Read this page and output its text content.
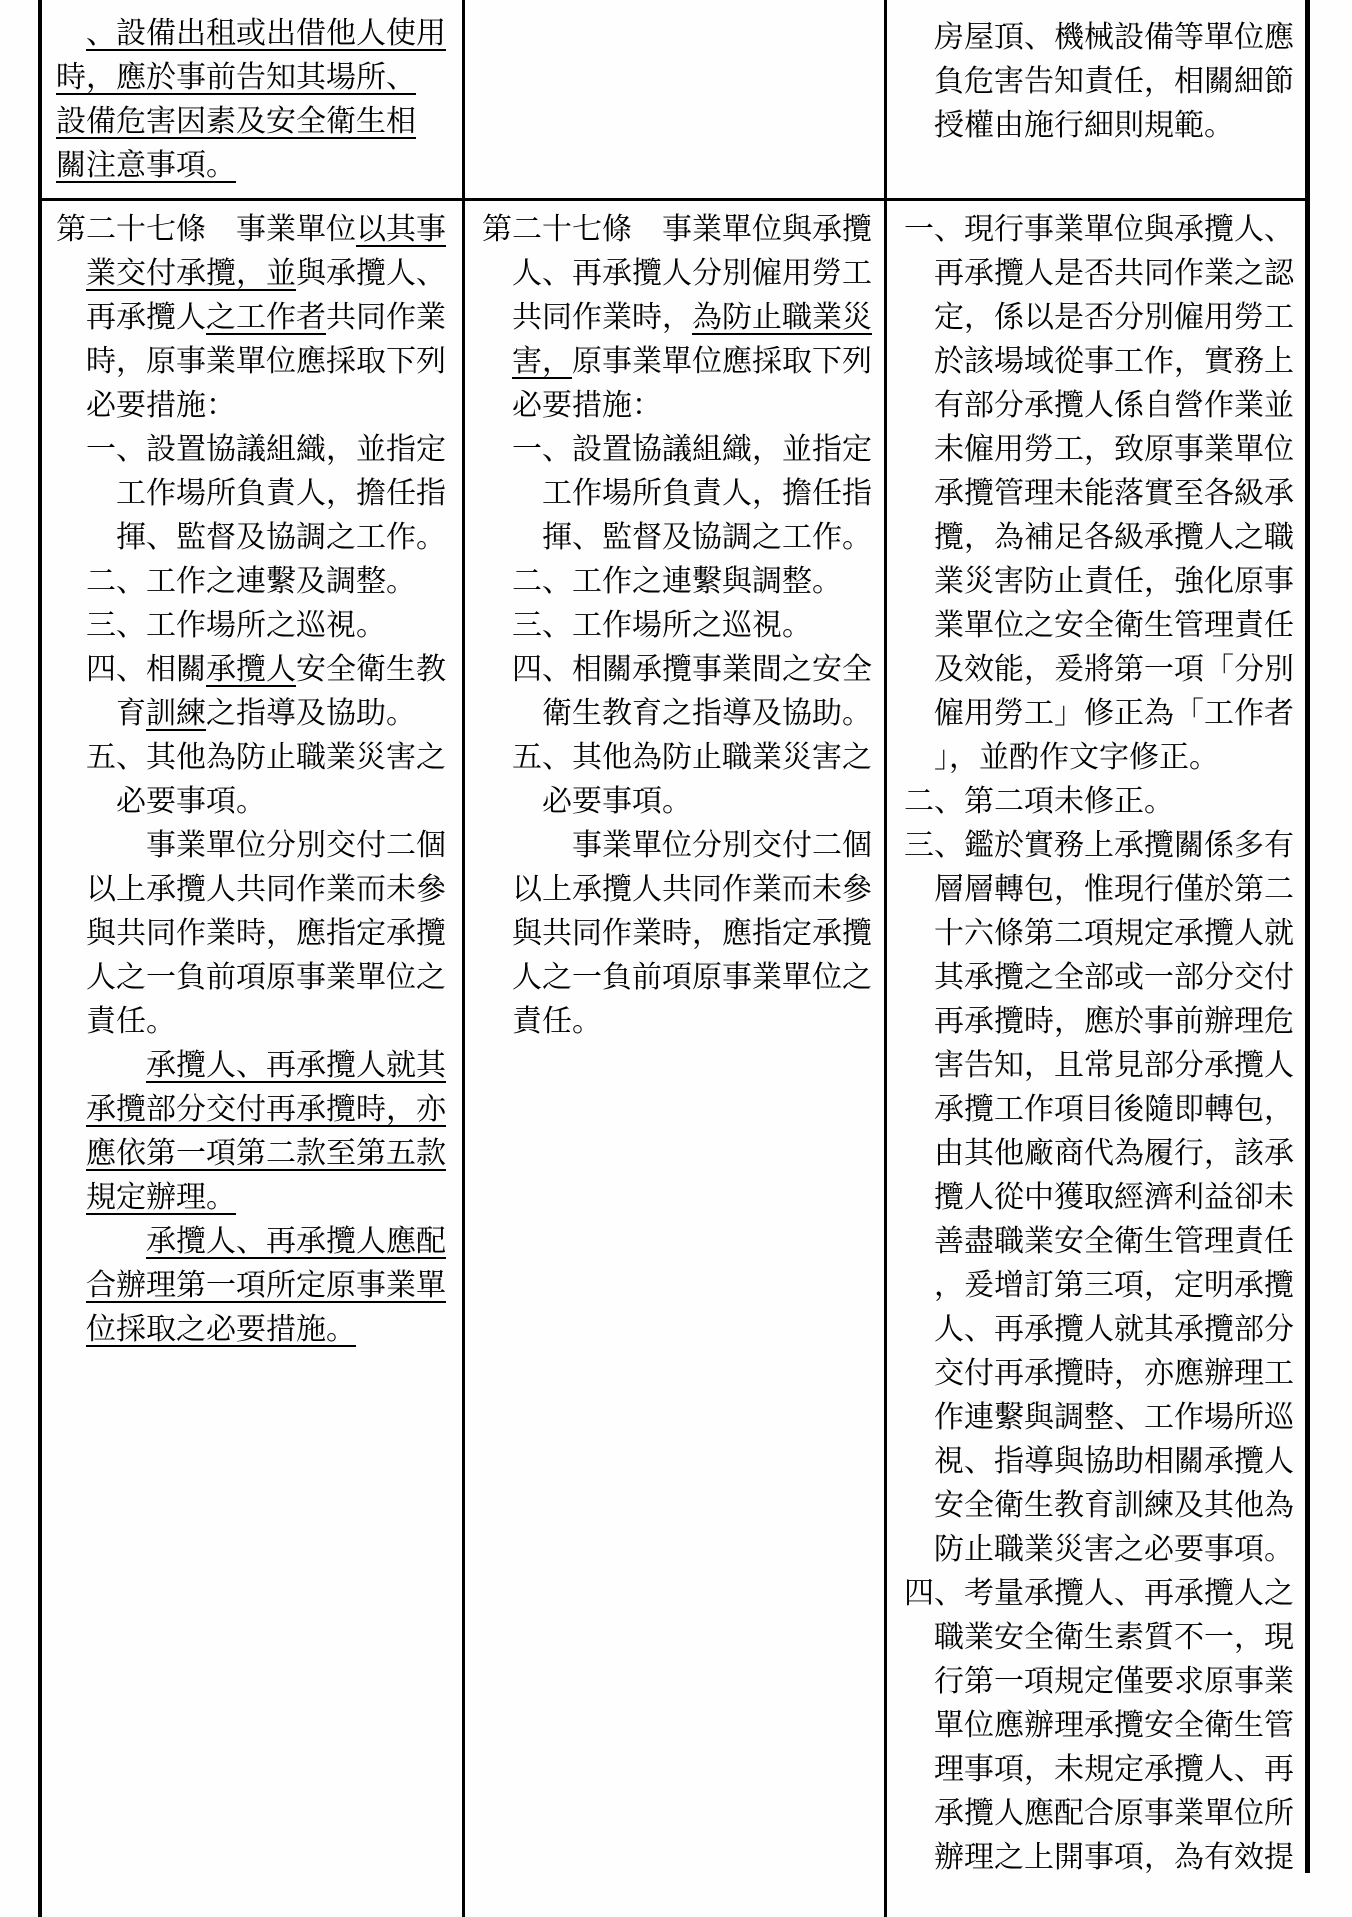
、設備出租或出借他人使用
時，應於事前告知其場所、
設備危害因素及安全衛生相
關注意事項。
房屋頂、機械設備等單位應
負危害告知責任，相關細節
授權由施行細則規範。
第二十七條　事業單位以其事
業交付承攬，並與承攬人、
再承攬人之工作者共同作業
時，原事業單位應採取下列
必要措施：
一、設置協議組織，並指定
工作場所負責人，擔任指
揮、監督及協調之工作。
二、工作之連繫及調整。
三、工作場所之巡視。
四、相關承攬人安全衛生教
育訓練之指導及協助。
五、其他為防止職業災害之
必要事項。
事業單位分別交付二個
以上承攬人共同作業而未參
與共同作業時，應指定承攬
人之一負前項原事業單位之
責任。
承攬人、再承攬人就其
承攬部分交付再承攬時，亦
應依第一項第二款至第五款
規定辦理。
承攬人、再承攬人應配
合辦理第一項所定原事業單
位採取之必要措施。
第二十七條　事業單位與承攬
人、再承攬人分別僱用勞工
共同作業時，為防止職業災
害，原事業單位應採取下列
必要措施：
一、設置協議組織，並指定
工作場所負責人，擔任指
揮、監督及協調之工作。
二、工作之連繫與調整。
三、工作場所之巡視。
四、相關承攬事業間之安全
衛生教育之指導及協助。
五、其他為防止職業災害之
必要事項。
事業單位分別交付二個
以上承攬人共同作業而未參
與共同作業時，應指定承攬
人之一負前項原事業單位之
責任。
一、現行事業單位與承攬人、
再承攬人是否共同作業之認
定，係以是否分別僱用勞工
於該場域從事工作，實務上
有部分承攬人係自營作業並
未僱用勞工，致原事業單位
承攬管理未能落實至各級承
攬，為補足各級承攬人之職
業災害防止責任，強化原事
業單位之安全衛生管理責任
及效能，爰將第一項「分別
僱用勞工」修正為「工作者
」，並酌作文字修正。
二、第二項未修正。
三、鑑於實務上承攬關係多有
層層轉包，惟現行僅於第二
十六條第二項規定承攬人就
其承攬之全部或一部分交付
再承攬時，應於事前辦理危
害告知，且常見部分承攬人
承攬工作項目後隨即轉包，
由其他廠商代為履行，該承
攬人從中獲取經濟利益卻未
善盡職業安全衛生管理責任
，爰增訂第三項，定明承攬
人、再承攬人就其承攬部分
交付再承攬時，亦應辦理工
作連繫與調整、工作場所巡
視、指導與協助相關承攬人
安全衛生教育訓練及其他為
防止職業災害之必要事項。
四、考量承攬人、再承攬人之
職業安全衛生素質不一，現
行第一項規定僅要求原事業
單位應辦理承攬安全衛生管
理事項，未規定承攬人、再
承攬人應配合原事業單位所
辦理之上開事項，為有效提
